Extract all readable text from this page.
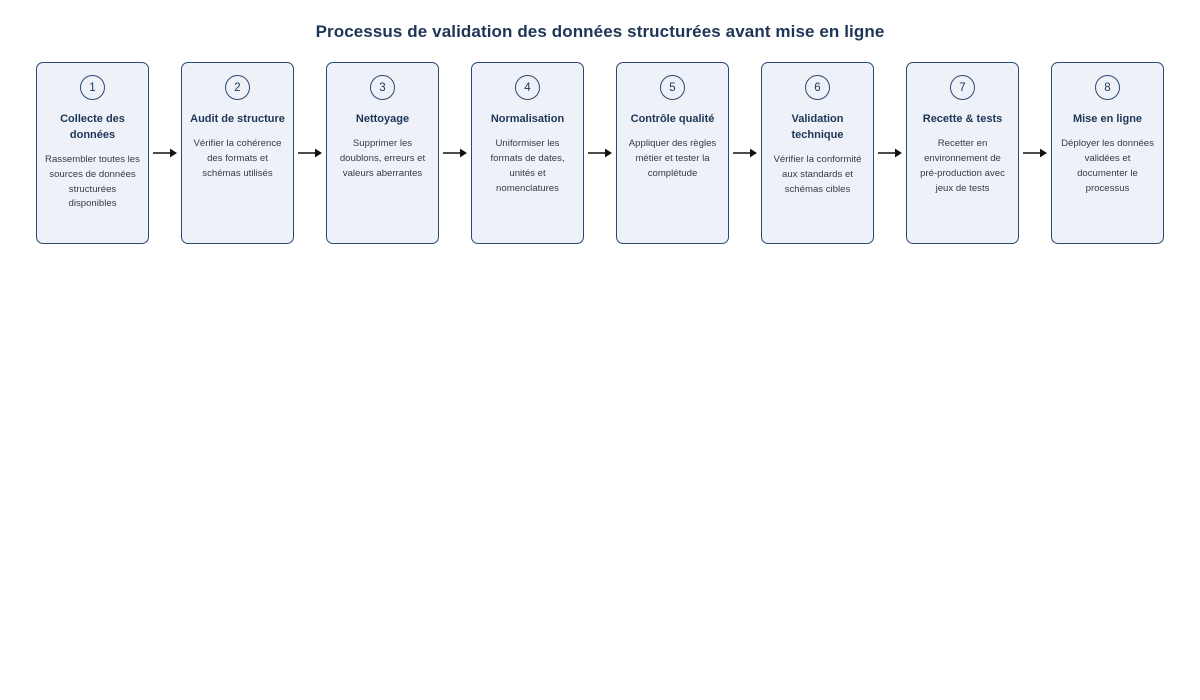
Processus de validation des données structurées avant mise en ligne
1
Collecte des données
Rassembler toutes les sources de données structurées disponibles
2
Audit de structure
Vérifier la cohérence des formats et schémas utilisés
3
Nettoyage
Supprimer les doublons, erreurs et valeurs aberrantes
4
Normalisation
Uniformiser les formats de dates, unités et nomenclatures
5
Contrôle qualité
Appliquer des règles métier et tester la complétude
6
Validation technique
Vérifier la conformité aux standards et schémas cibles
7
Recette & tests
Recetter en environnement de pré-production avec jeux de tests
8
Mise en ligne
Déployer les données validées et documenter le processus
